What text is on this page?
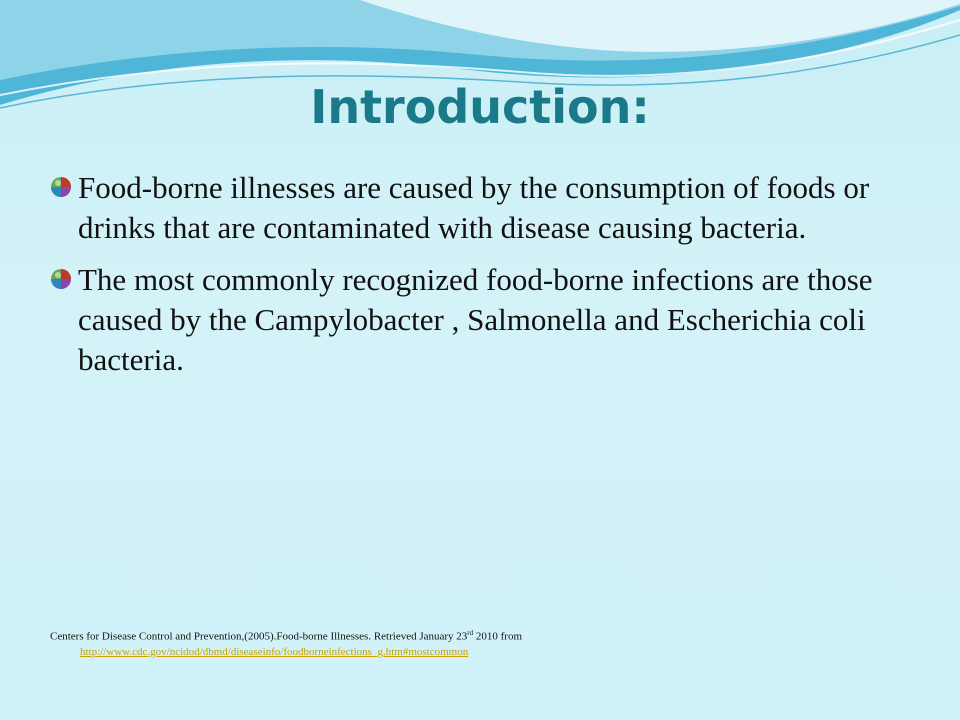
Introduction:
Food-borne illnesses are caused by the consumption of foods or drinks that are contaminated with disease causing bacteria.
The most commonly recognized food-borne infections are those caused by the Campylobacter , Salmonella and Escherichia coli bacteria.
Centers for Disease Control and Prevention,(2005).Food-borne Illnesses. Retrieved January 23rd 2010 from
http://www.cdc.gov/ncidod/dbmd/diseaseinfo/foodborneinfections_g.htm#mostcommon
